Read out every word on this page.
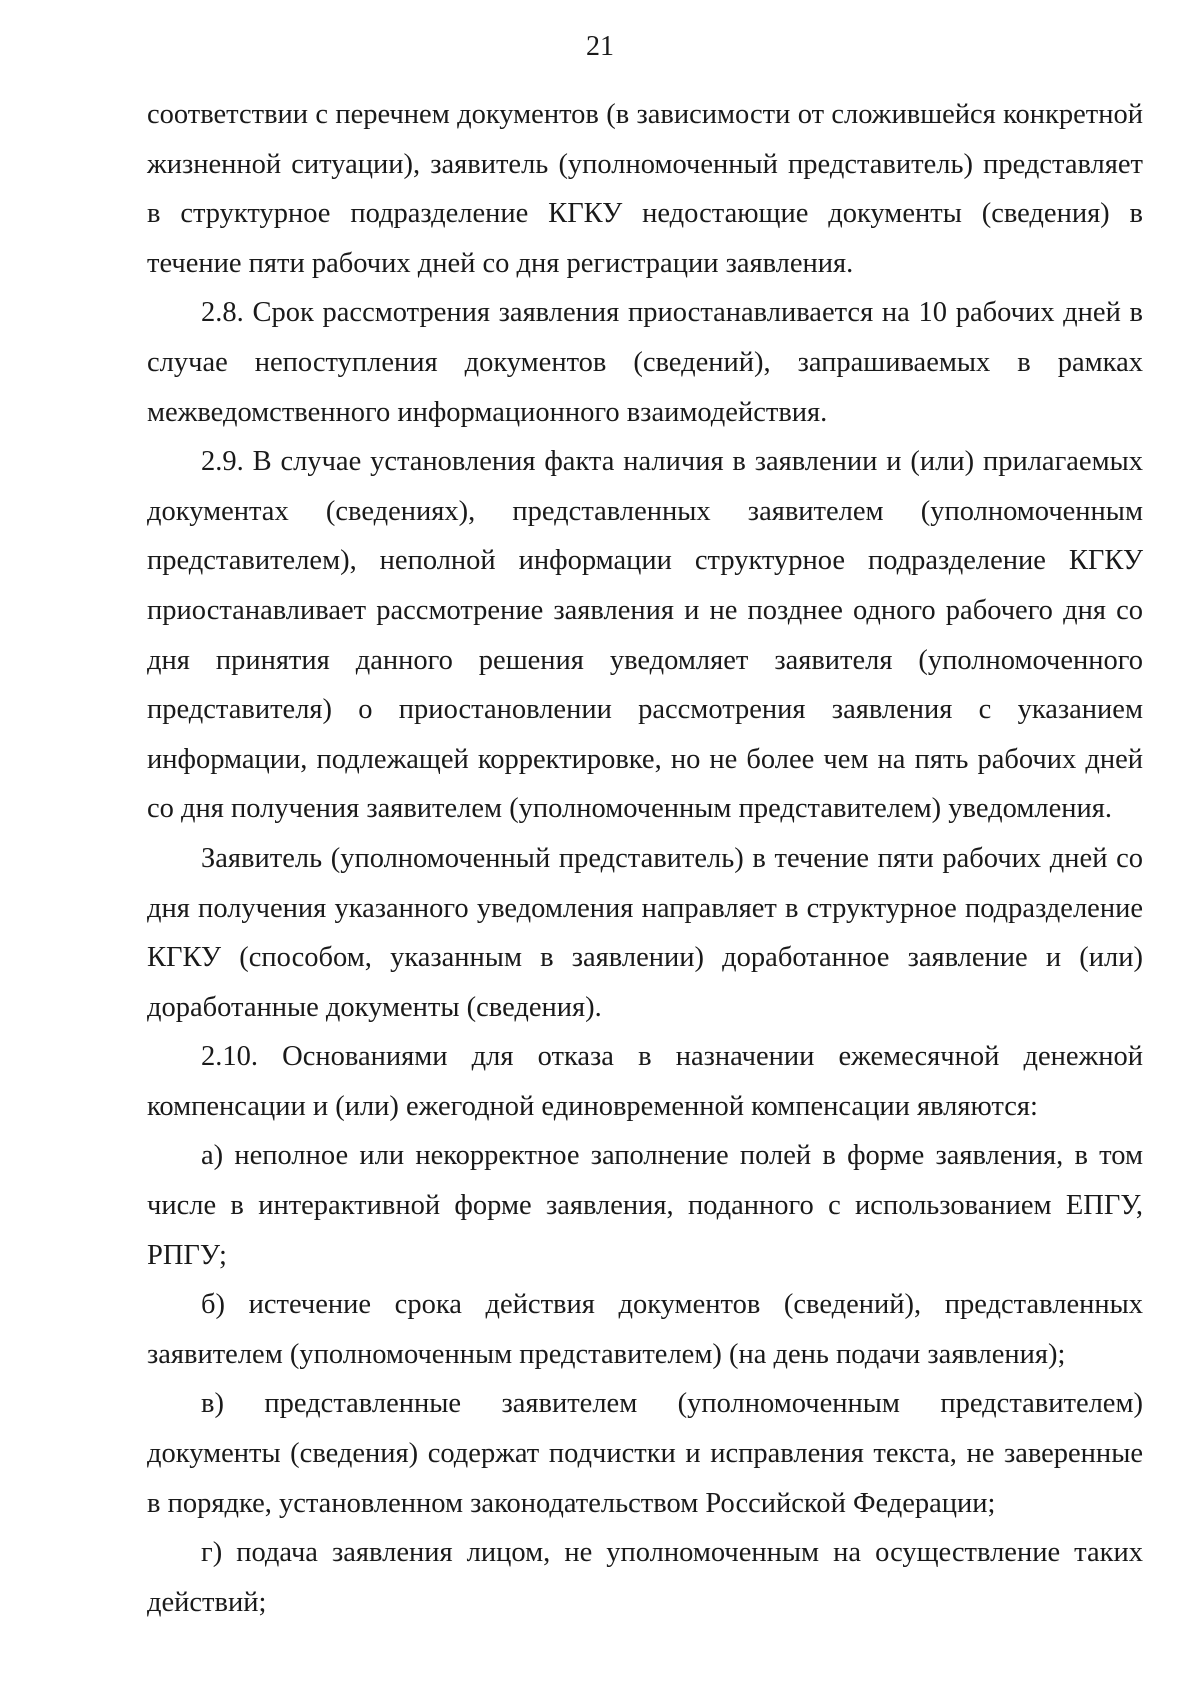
21

соответствии с перечнем документов (в зависимости от сложившейся конкретной жизненной ситуации), заявитель (уполномоченный представитель) представляет в структурное подразделение КГКУ недостающие документы (сведения) в течение пяти рабочих дней со дня регистрации заявления.

2.8. Срок рассмотрения заявления приостанавливается на 10 рабочих дней в случае непоступления документов (сведений), запрашиваемых в рамках межведомственного информационного взаимодействия.

2.9. В случае установления факта наличия в заявлении и (или) прилагаемых документах (сведениях), представленных заявителем (уполномоченным представителем), неполной информации структурное подразделение КГКУ приостанавливает рассмотрение заявления и не позднее одного рабочего дня со дня принятия данного решения уведомляет заявителя (уполномоченного представителя) о приостановлении рассмотрения заявления с указанием информации, подлежащей корректировке, но не более чем на пять рабочих дней со дня получения заявителем (уполномоченным представителем) уведомления.

Заявитель (уполномоченный представитель) в течение пяти рабочих дней со дня получения указанного уведомления направляет в структурное подразделение КГКУ (способом, указанным в заявлении) доработанное заявление и (или) доработанные документы (сведения).

2.10. Основаниями для отказа в назначении ежемесячной денежной компенсации и (или) ежегодной единовременной компенсации являются:

а) неполное или некорректное заполнение полей в форме заявления, в том числе в интерактивной форме заявления, поданного с использованием ЕПГУ, РПГУ;

б) истечение срока действия документов (сведений), представленных заявителем (уполномоченным представителем) (на день подачи заявления);

в) представленные заявителем (уполномоченным представителем) документы (сведения) содержат подчистки и исправления текста, не заверенные в порядке, установленном законодательством Российской Федерации;

г) подача заявления лицом, не уполномоченным на осуществление таких действий;
